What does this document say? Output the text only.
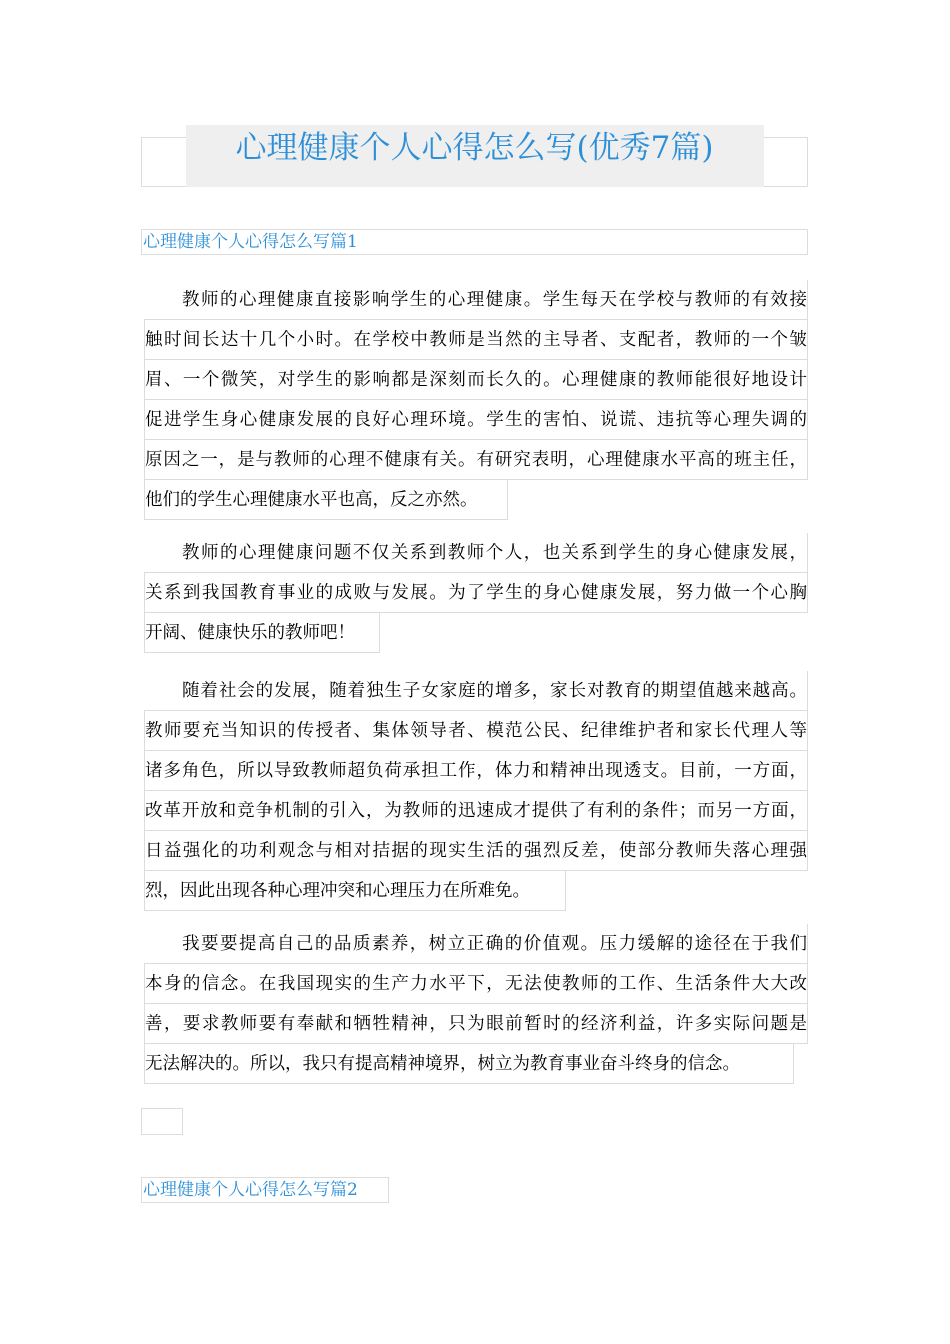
心理健康个人心得怎么写(优秀7篇)
心理健康个人心得怎么写篇1
教师的心理健康直接影响学生的心理健康。学生每天在学校与教师的有效接
触时间长达十几个小时。在学校中教师是当然的主导者、支配者，教师的一个皱
眉、一个微笑，对学生的影响都是深刻而长久的。心理健康的教师能很好地设计
促进学生身心健康发展的良好心理环境。学生的害怕、说谎、违抗等心理失调的
原因之一，是与教师的心理不健康有关。有研究表明，心理健康水平高的班主任，
他们的学生心理健康水平也高，反之亦然。
教师的心理健康问题不仅关系到教师个人，也关系到学生的身心健康发展，
关系到我国教育事业的成败与发展。为了学生的身心健康发展，努力做一个心胸
开阔、健康快乐的教师吧！
随着社会的发展，随着独生子女家庭的增多，家长对教育的期望值越来越高。
教师要充当知识的传授者、集体领导者、模范公民、纪律维护者和家长代理人等
诸多角色，所以导致教师超负荷承担工作，体力和精神出现透支。目前，一方面，
改革开放和竞争机制的引入，为教师的迅速成才提供了有利的条件；而另一方面，
日益强化的功利观念与相对拮据的现实生活的强烈反差，使部分教师失落心理强
烈，因此出现各种心理冲突和心理压力在所难免。
我要要提高自己的品质素养，树立正确的价值观。压力缓解的途径在于我们
本身的信念。在我国现实的生产力水平下，无法使教师的工作、生活条件大大改
善，要求教师要有奉献和牺牲精神，只为眼前暂时的经济利益，许多实际问题是
无法解决的。所以，我只有提高精神境界，树立为教育事业奋斗终身的信念。
心理健康个人心得怎么写篇2
